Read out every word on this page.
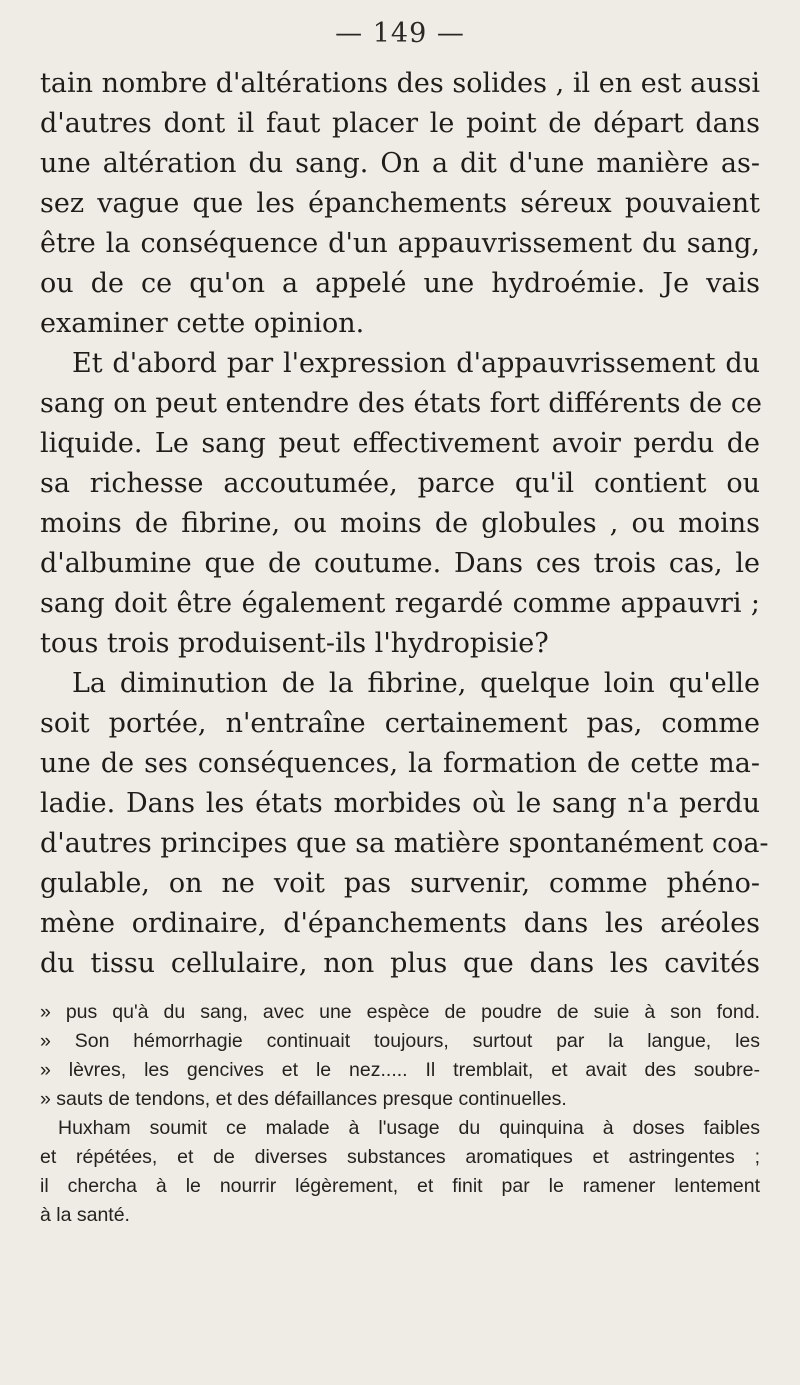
— 149 —
tain nombre d'altérations des solides , il en est aussi
d'autres dont il faut placer le point de départ dans
une altération du sang. On a dit d'une manière as-
sez vague que les épanchements séreux pouvaient
être la conséquence d'un appauvrissement du sang,
ou de ce qu'on a appelé une hydroémie. Je vais
examiner cette opinion.
Et d'abord par l'expression d'appauvrissement du
sang on peut entendre des états fort différents de ce
liquide. Le sang peut effectivement avoir perdu de
sa richesse accoutumée, parce qu'il contient ou
moins de fibrine, ou moins de globules , ou moins
d'albumine que de coutume. Dans ces trois cas, le
sang doit être également regardé comme appauvri ;
tous trois produisent-ils l'hydropisie?
La diminution de la fibrine, quelque loin qu'elle
soit portée, n'entraîne certainement pas, comme
une de ses conséquences, la formation de cette ma-
ladie. Dans les états morbides où le sang n'a perdu
d'autres principes que sa matière spontanément coa-
gulable, on ne voit pas survenir, comme phéno-
mène ordinaire, d'épanchements dans les aréoles
du tissu cellulaire, non plus que dans les cavités
» pus qu'à du sang, avec une espèce de poudre de suie à son fond.
» Son hémorrhagie continuait toujours, surtout par la langue, les
» lèvres, les gencives et le nez..... Il tremblait, et avait des soubre-
» sauts de tendons, et des défaillances presque continuelles.
Huxham soumit ce malade à l'usage du quinquina à doses faibles
et répétées, et de diverses substances aromatiques et astringentes ;
il chercha à le nourrir légèrement, et finit par le ramener lentement
à la santé.
